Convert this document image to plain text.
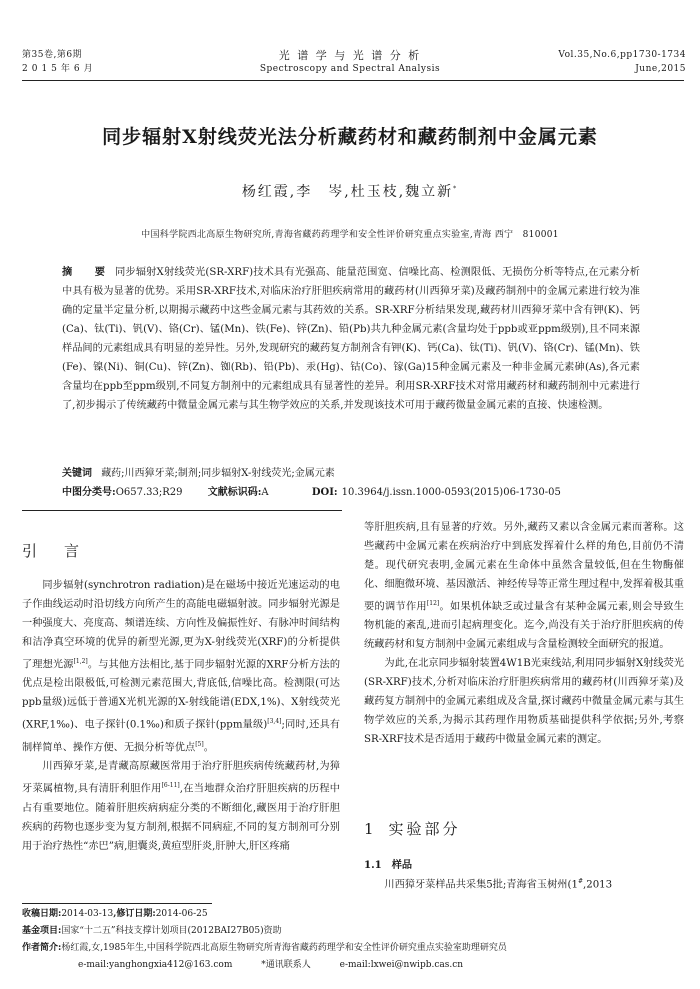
第35卷,第6期
2015年6月
光 谱 学 与 光 谱 分 析
Spectroscopy and Spectral Analysis
Vol.35,No.6,pp1730-1734
June,2015
同步辐射X射线荧光法分析藏药材和藏药制剂中金属元素
杨红霞,李　岑,杜玉枝,魏立新*
中国科学院西北高原生物研究所,青海省藏药药理学和安全性评价研究重点实验室,青海 西宁　810001
摘　要 同步辐射X射线荧光(SR-XRF)技术具有光强高、能量范围宽、信噪比高、检测限低、无损伤分析等特点,在元素分析中具有极为显著的优势。采用SR-XRF技术,对临床治疗肝胆疾病常用的藏药材(川西獐牙菜)及藏药制剂中的金属元素进行较为准确的定量半定量分析,以期揭示藏药中这些金属元素与其药效的关系。SR-XRF分析结果发现,藏药材川西獐牙菜中含有钾(K)、钙(Ca)、钛(Ti)、钒(V)、铬(Cr)、锰(Mn)、铁(Fe)、锌(Zn)、铅(Pb)共九种金属元素(含量均处于ppb或亚ppm级别),且不同来源样品间的元素组成具有明显的差异性。另外,发现研究的藏药复方制剂含有钾(K)、钙(Ca)、钛(Ti)、钒(V)、铬(Cr)、锰(Mn)、铁(Fe)、镍(Ni)、铜(Cu)、锌(Zn)、铷(Rb)、铅(Pb)、汞(Hg)、钴(Co)、镓(Ga)15种金属元素及一种非金属元素砷(As),各元素含量均在ppb至ppm级别,不同复方制剂中的元素组成具有显著性的差异。利用SR-XRF技术对常用藏药材和藏药制剂中元素进行了,初步揭示了传统藏药中微量金属元素与其生物学效应的关系,并发现该技术可用于藏药微量金属元素的直接、快速检测。
关键词 藏药;川西獐牙菜;制剂;同步辐射X-射线荧光;金属元素
中图分类号:O657.33;R29	文献标识码:A	DOI: 10.3964/j.issn.1000-0593(2015)06-1730-05
引　言

同步辐射(synchrotron radiation)是在磁场中接近光速运动的电子作曲线运动时沿切线方向所产生的高能电磁辐射波。同步辐射光源是一种强度大、亮度高、频谱连续、方向性及偏振性好、有脉冲时间结构和洁净真空环境的优异的新型光源,更为X-射线荧光(XRF)的分析提供了理想光源[1,2]。与其他方法相比,基于同步辐射光源的XRF分析方法的优点是检出限极低,可检测元素范围大,背底低,信噪比高。检测限(可达ppb量级)远低于普通X光机光源的X-射线能谱(EDX,1%)、X射线荧光(XRF,1‰)、电子探针(0.1‰)和质子探针(ppm量级)[3,4];同时,还具有制样简单、操作方便、无损分析等优点[5]。

川西獐牙菜,是青藏高原藏医常用于治疗肝胆疾病传统藏药材,为獐牙菜属植物,具有清肝利胆作用[6-11],在当地群众治疗肝胆疾病的历程中占有重要地位。随着肝胆疾病病症分类的不断细化,藏医用于治疗肝胆疾病的药物也逐步变为复方制剂,根据不同病症,不同的复方制剂可分别用于治疗热性“赤巴”病,胆囊炎,黄疸型肝炎,肝肿大,肝区疼痛

等肝胆疾病,且有显著的疗效。另外,藏药又素以含金属元素而著称。这些藏药中金属元素在疾病治疗中到底发挥着什么样的角色,目前仍不清楚。现代研究表明,金属元素在生命体中虽然含量较低,但在生物酶催化、细胞微环境、基因激活、神经传导等正常生理过程中,发挥着极其重要的调节作用[12]。如果机体缺乏或过量含有某种金属元素,则会导致生物机能的紊乱,进而引起病理变化。迄今,尚没有关于治疗肝胆疾病的传统藏药材和复方制剂中金属元素组成与含量检测较全面研究的报道。

为此,在北京同步辐射装置4W1B光束线站,利用同步辐射X射线荧光(SR-XRF)技术,分析对临床治疗肝胆疾病常用的藏药材(川西獐牙菜)及藏药复方制剂中的金属元素组成及含量,探讨藏药中微量金属元素与其生物学效应的关系,为揭示其药理作用物质基础提供科学依据;另外,考察SR-XRF技术是否适用于藏药中微量金属元素的测定。

1 实验部分
1.1 样品

川西獐牙菜样品共采集5批;青海省玉树州(1#,2013

收稿日期:2014-03-13,修订日期:2014-06-25
基金项目:国家“十二五”科技支撑计划项目(2012BAI27B05)资助
作者简介:杨红霞,女,1985年生,中国科学院西北高原生物研究所青海省藏药药理学和安全性评价研究重点实验室助理研究员
e-mail:yanghongxia412@163.com	*通讯联系人	e-mail:lxwei@nwipb.cas.cn
